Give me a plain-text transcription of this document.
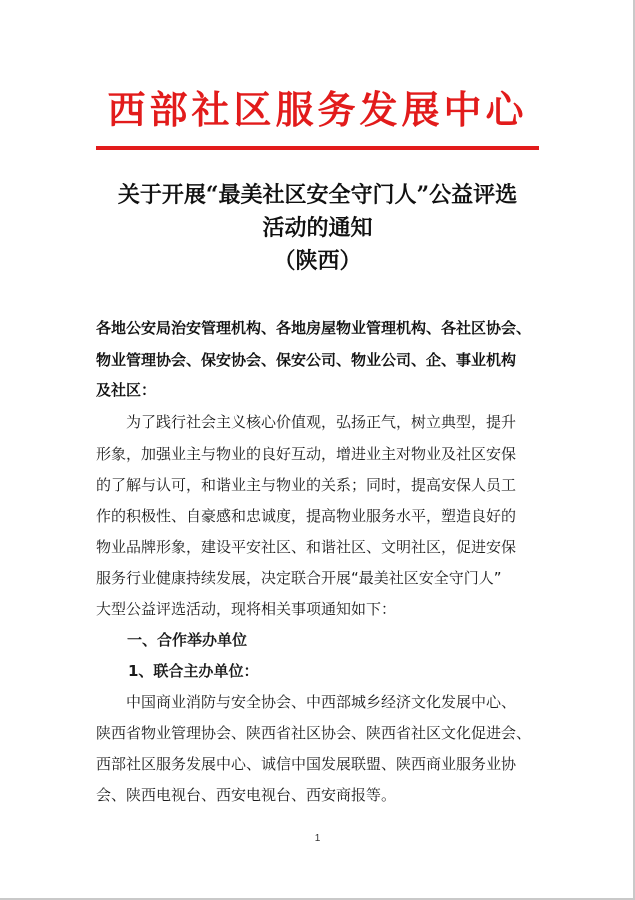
西部社区服务发展中心
关于开展“最美社区安全守门人”公益评选
活动的通知
（陕西）
各地公安局治安管理机构、各地房屋物业管理机构、各社区协会、
物业管理协会、保安协会、保安公司、物业公司、企、事业机构
及社区：
为了践行社会主义核心价值观，弘扬正气，树立典型，提升
形象，加强业主与物业的良好互动，增进业主对物业及社区安保
的了解与认可，和谐业主与物业的关系；同时，提高安保人员工
作的积极性、自豪感和忠诚度，提高物业服务水平，塑造良好的
物业品牌形象，建设平安社区、和谐社区、文明社区，促进安保
服务行业健康持续发展，决定联合开展“最美社区安全守门人”
大型公益评选活动，现将相关事项通知如下：
一、合作举办单位
1、联合主办单位：
中国商业消防与安全协会、中西部城乡经济文化发展中心、
陕西省物业管理协会、陕西省社区协会、陕西省社区文化促进会、
西部社区服务发展中心、诚信中国发展联盟、陕西商业服务业协
会、陕西电视台、西安电视台、西安商报等。
1
